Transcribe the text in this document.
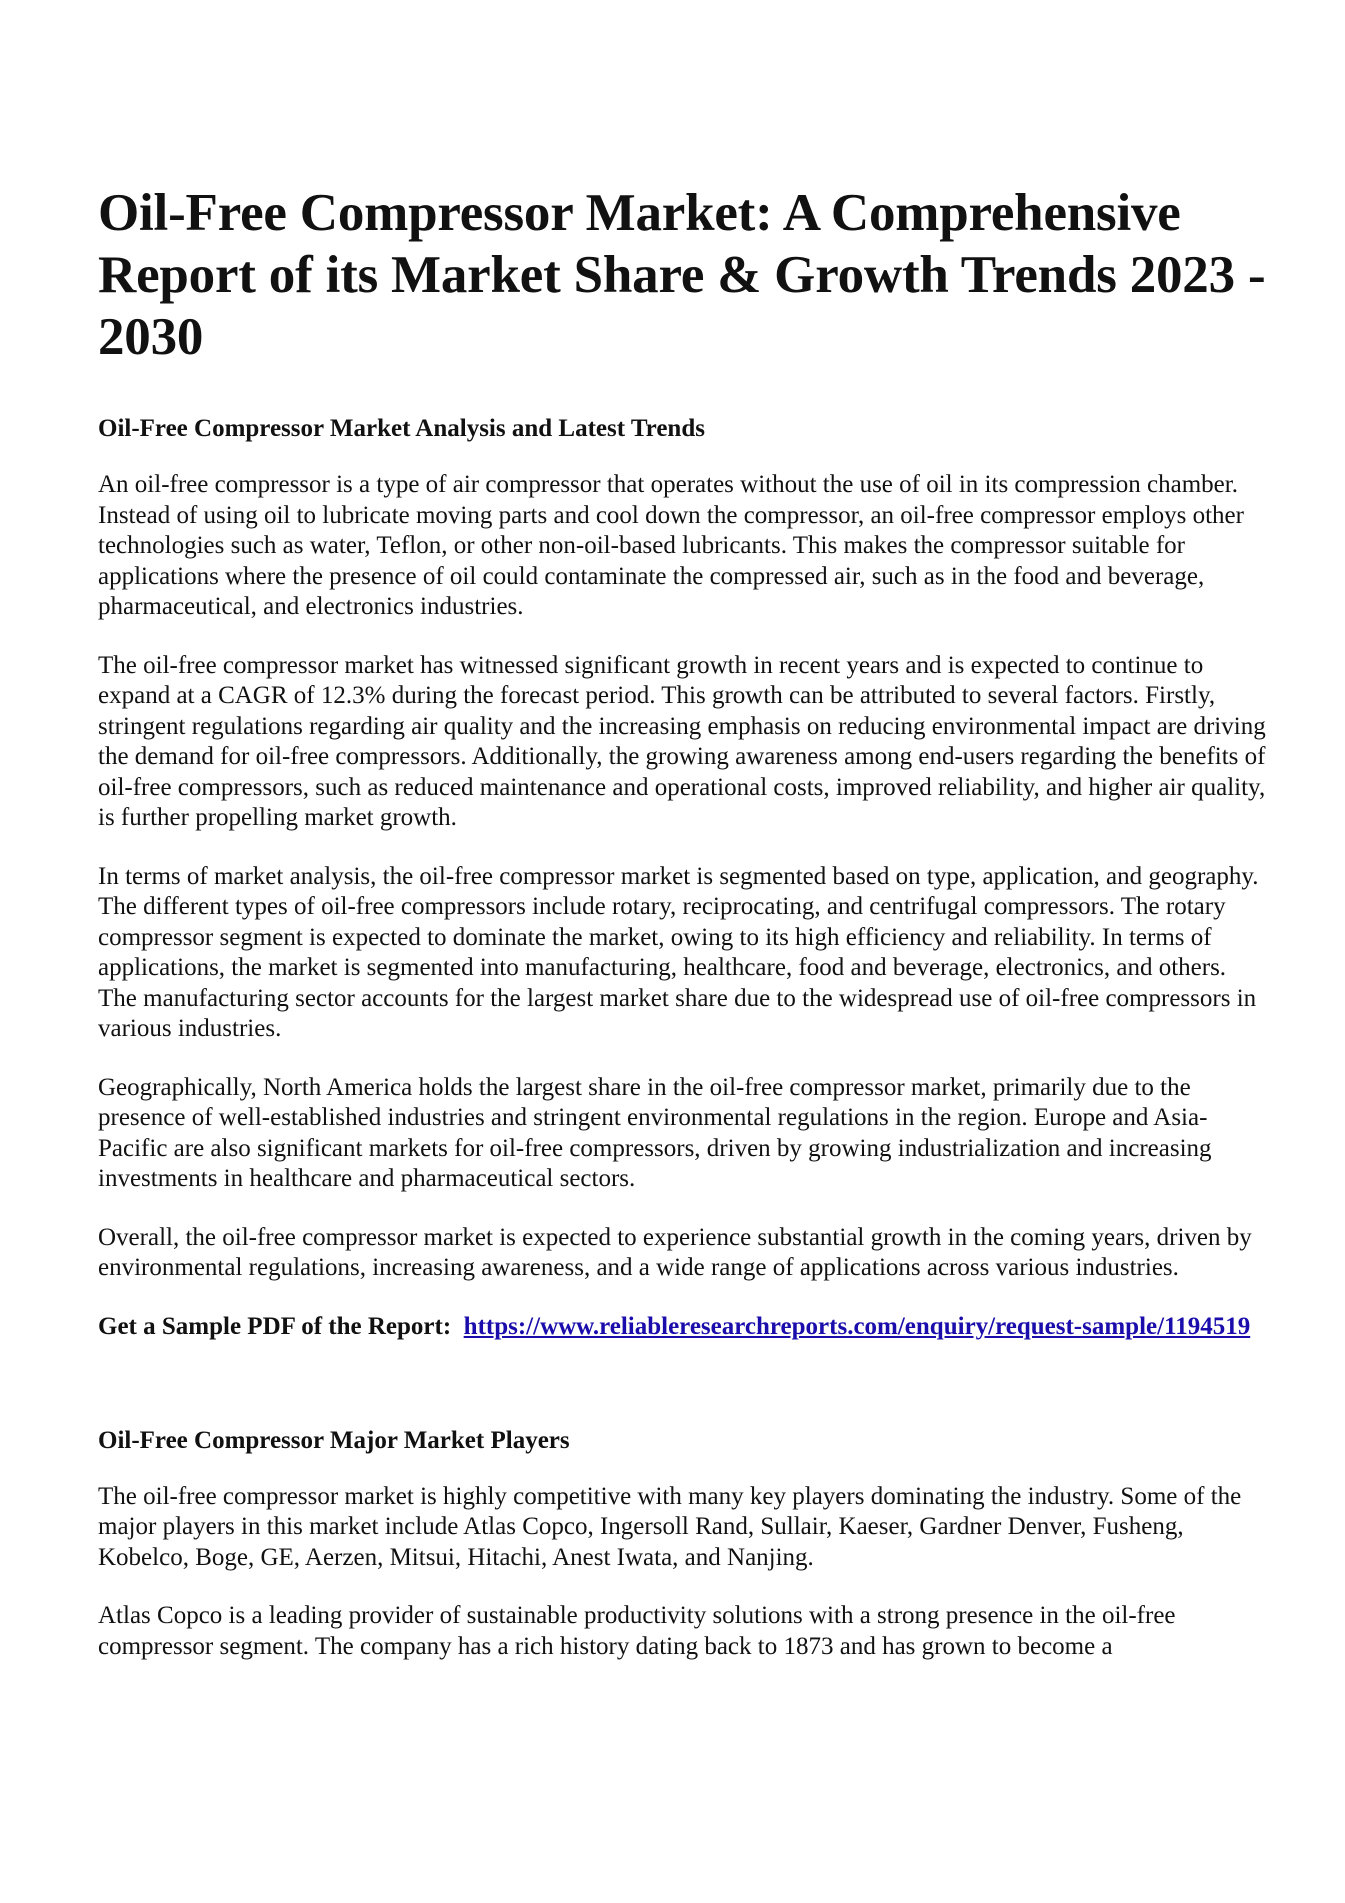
Oil-Free Compressor Market: A Comprehensive Report of its Market Share & Growth Trends 2023 - 2030
Oil-Free Compressor Market Analysis and Latest Trends

An oil-free compressor is a type of air compressor that operates without the use of oil in its compression chamber. Instead of using oil to lubricate moving parts and cool down the compressor, an oil-free compressor employs other technologies such as water, Teflon, or other non-oil-based lubricants. This makes the compressor suitable for applications where the presence of oil could contaminate the compressed air, such as in the food and beverage, pharmaceutical, and electronics industries.

The oil-free compressor market has witnessed significant growth in recent years and is expected to continue to expand at a CAGR of 12.3% during the forecast period. This growth can be attributed to several factors. Firstly, stringent regulations regarding air quality and the increasing emphasis on reducing environmental impact are driving the demand for oil-free compressors. Additionally, the growing awareness among end-users regarding the benefits of oil-free compressors, such as reduced maintenance and operational costs, improved reliability, and higher air quality, is further propelling market growth.

In terms of market analysis, the oil-free compressor market is segmented based on type, application, and geography. The different types of oil-free compressors include rotary, reciprocating, and centrifugal compressors. The rotary compressor segment is expected to dominate the market, owing to its high efficiency and reliability. In terms of applications, the market is segmented into manufacturing, healthcare, food and beverage, electronics, and others. The manufacturing sector accounts for the largest market share due to the widespread use of oil-free compressors in various industries.

Geographically, North America holds the largest share in the oil-free compressor market, primarily due to the presence of well-established industries and stringent environmental regulations in the region. Europe and Asia-Pacific are also significant markets for oil-free compressors, driven by growing industrialization and increasing investments in healthcare and pharmaceutical sectors.

Overall, the oil-free compressor market is expected to experience substantial growth in the coming years, driven by environmental regulations, increasing awareness, and a wide range of applications across various industries.

Get a Sample PDF of the Report: https://www.reliableresearchreports.com/enquiry/request-sample/1194519
Oil-Free Compressor Major Market Players

The oil-free compressor market is highly competitive with many key players dominating the industry. Some of the major players in this market include Atlas Copco, Ingersoll Rand, Sullair, Kaeser, Gardner Denver, Fusheng, Kobelco, Boge, GE, Aerzen, Mitsui, Hitachi, Anest Iwata, and Nanjing.

Atlas Copco is a leading provider of sustainable productivity solutions with a strong presence in the oil-free compressor segment. The company has a rich history dating back to 1873 and has grown to become a
